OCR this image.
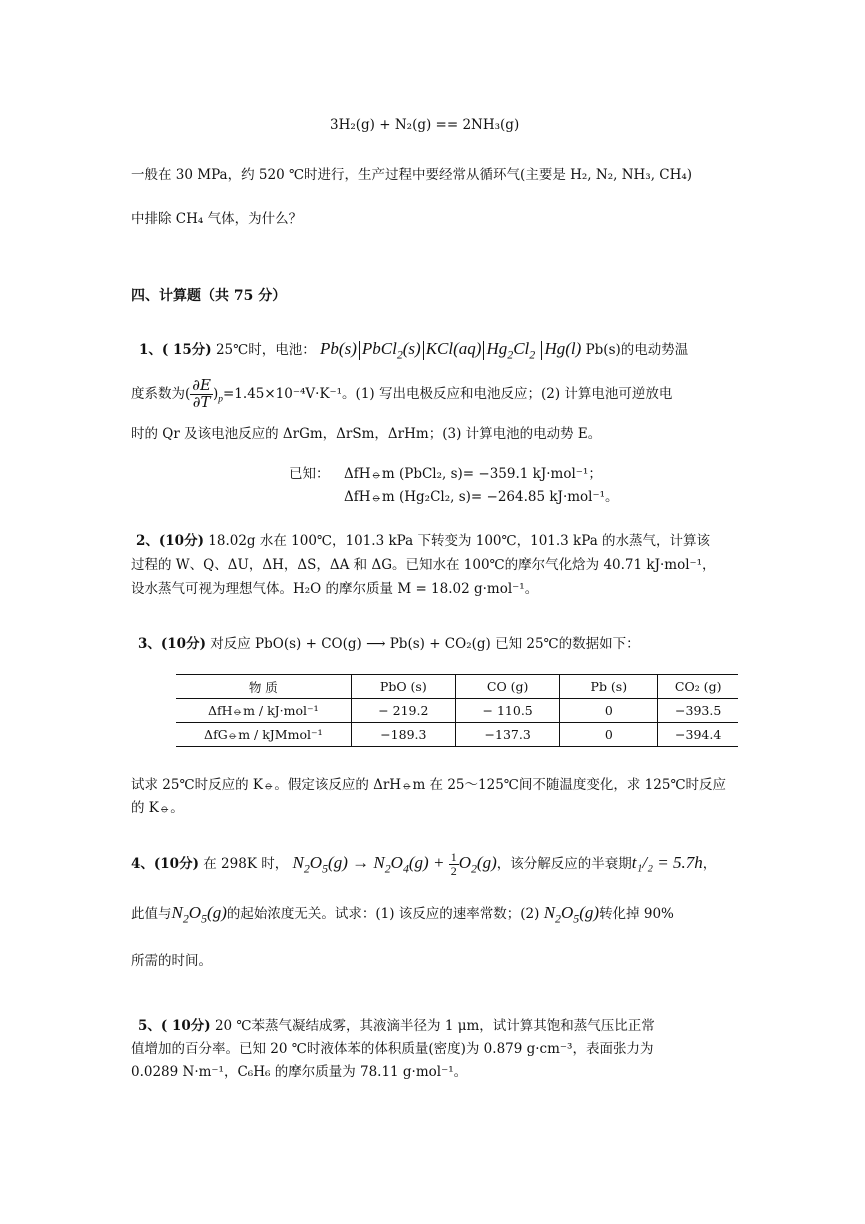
3H₂(g) + N₂(g) == 2NH₃(g)
一般在 30 MPa，约 520 ℃时进行，生产过程中要经常从循环气(主要是 H₂, N₂, NH₃, CH₄)
中排除 CH₄ 气体，为什么？
四、计算题（共 75 分）
1、( 15分) 25℃时，电池： Pb(s) PbCl$_2$(s) KCl(aq) $Hg_2Cl_2$ Hg(l) Pb(s)的电动势温
度系数为( $\frac{\partial E}{\partial T} )_p=1.45\times 10^{-4}V\cdot K^{-1}$。(1) 写出电极反应和电池反应；(2) 计算电池可逆放电
时的 Qr 及该电池反应的 ΔrGm，ΔrSm，ΔrHm；(3) 计算电池的电动势 E。
已知： ΔfH⦵m (PbCl₂, s)= −359.1 kJ·mol⁻¹；
ΔfH⦵m (Hg₂Cl₂, s)= −264.85 kJ·mol⁻¹。
2、(10分) 18.02g 水在 100℃，101.3 kPa 下转变为 100℃，101.3 kPa 的水蒸气，计算该
过程的 W、Q、ΔU，ΔH，ΔS，ΔA 和 ΔG。已知水在 100℃的摩尔气化焓为 40.71 kJ·mol⁻¹，
设水蒸气可视为理想气体。H₂O 的摩尔质量 M = 18.02 g·mol⁻¹。
3、(10分) 对反应 PbO(s) + CO(g) ⟶ Pb(s) + CO₂(g) 已知 25℃的数据如下：
物 质	PbO (s)	CO (g)	Pb (s)	CO₂ (g)
ΔfH⦵m / kJ·mol⁻¹	− 219.2	− 110.5	0	−393.5
ΔfG⦵m / kJMmol⁻¹	−189.3	−137.3	0	−394.4
试求 25℃时反应的 K⦵。假定该反应的 ΔrH⦵m 在 25～125℃间不随温度变化，求 125℃时反应
的 K⦵。
4、(10分) 在 298K 时， $N_2O_5(g) \to N_2O_4(g) + \frac{1}{2} O_2(g)$，该分解反应的半衰期t₁/₂ = 5.7h，
此值与$N_2O_5(g)$的起始浓度无关。试求：(1) 该反应的速率常数；(2) $N_2O_5(g)$转化掉 90%
所需的时间。
5、( 10分) 20 ℃苯蒸气凝结成雾，其液滴半径为 1 μm，试计算其饱和蒸气压比正常
值增加的百分率。已知 20 ℃时液体苯的体积质量(密度)为 0.879 g·cm⁻³，表面张力为
0.0289 N·m⁻¹，C₆H₆ 的摩尔质量为 78.11 g·mol⁻¹。
